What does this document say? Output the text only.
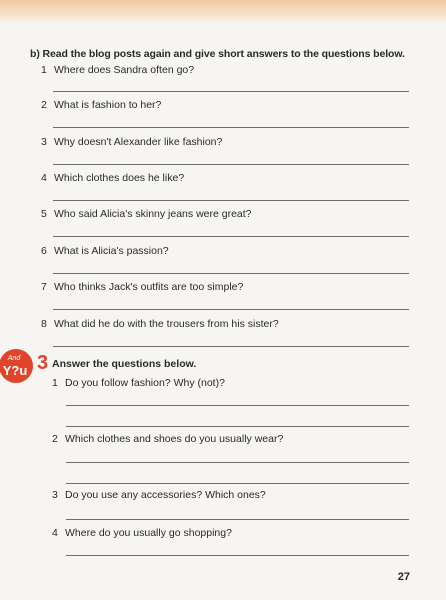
b) Read the blog posts again and give short answers to the questions below.
1 Where does Sandra often go?
2 What is fashion to her?
3 Why doesn't Alexander like fashion?
4 Which clothes does he like?
5 Who said Alicia's skinny jeans were great?
6 What is Alicia's passion?
7 Who thinks Jack's outfits are too simple?
8 What did he do with the trousers from his sister?
And
Y?u 3 Answer the questions below.
1 Do you follow fashion? Why (not)?
2 Which clothes and shoes do you usually wear?
3 Do you use any accessories? Which ones?
4 Where do you usually go shopping?
27
